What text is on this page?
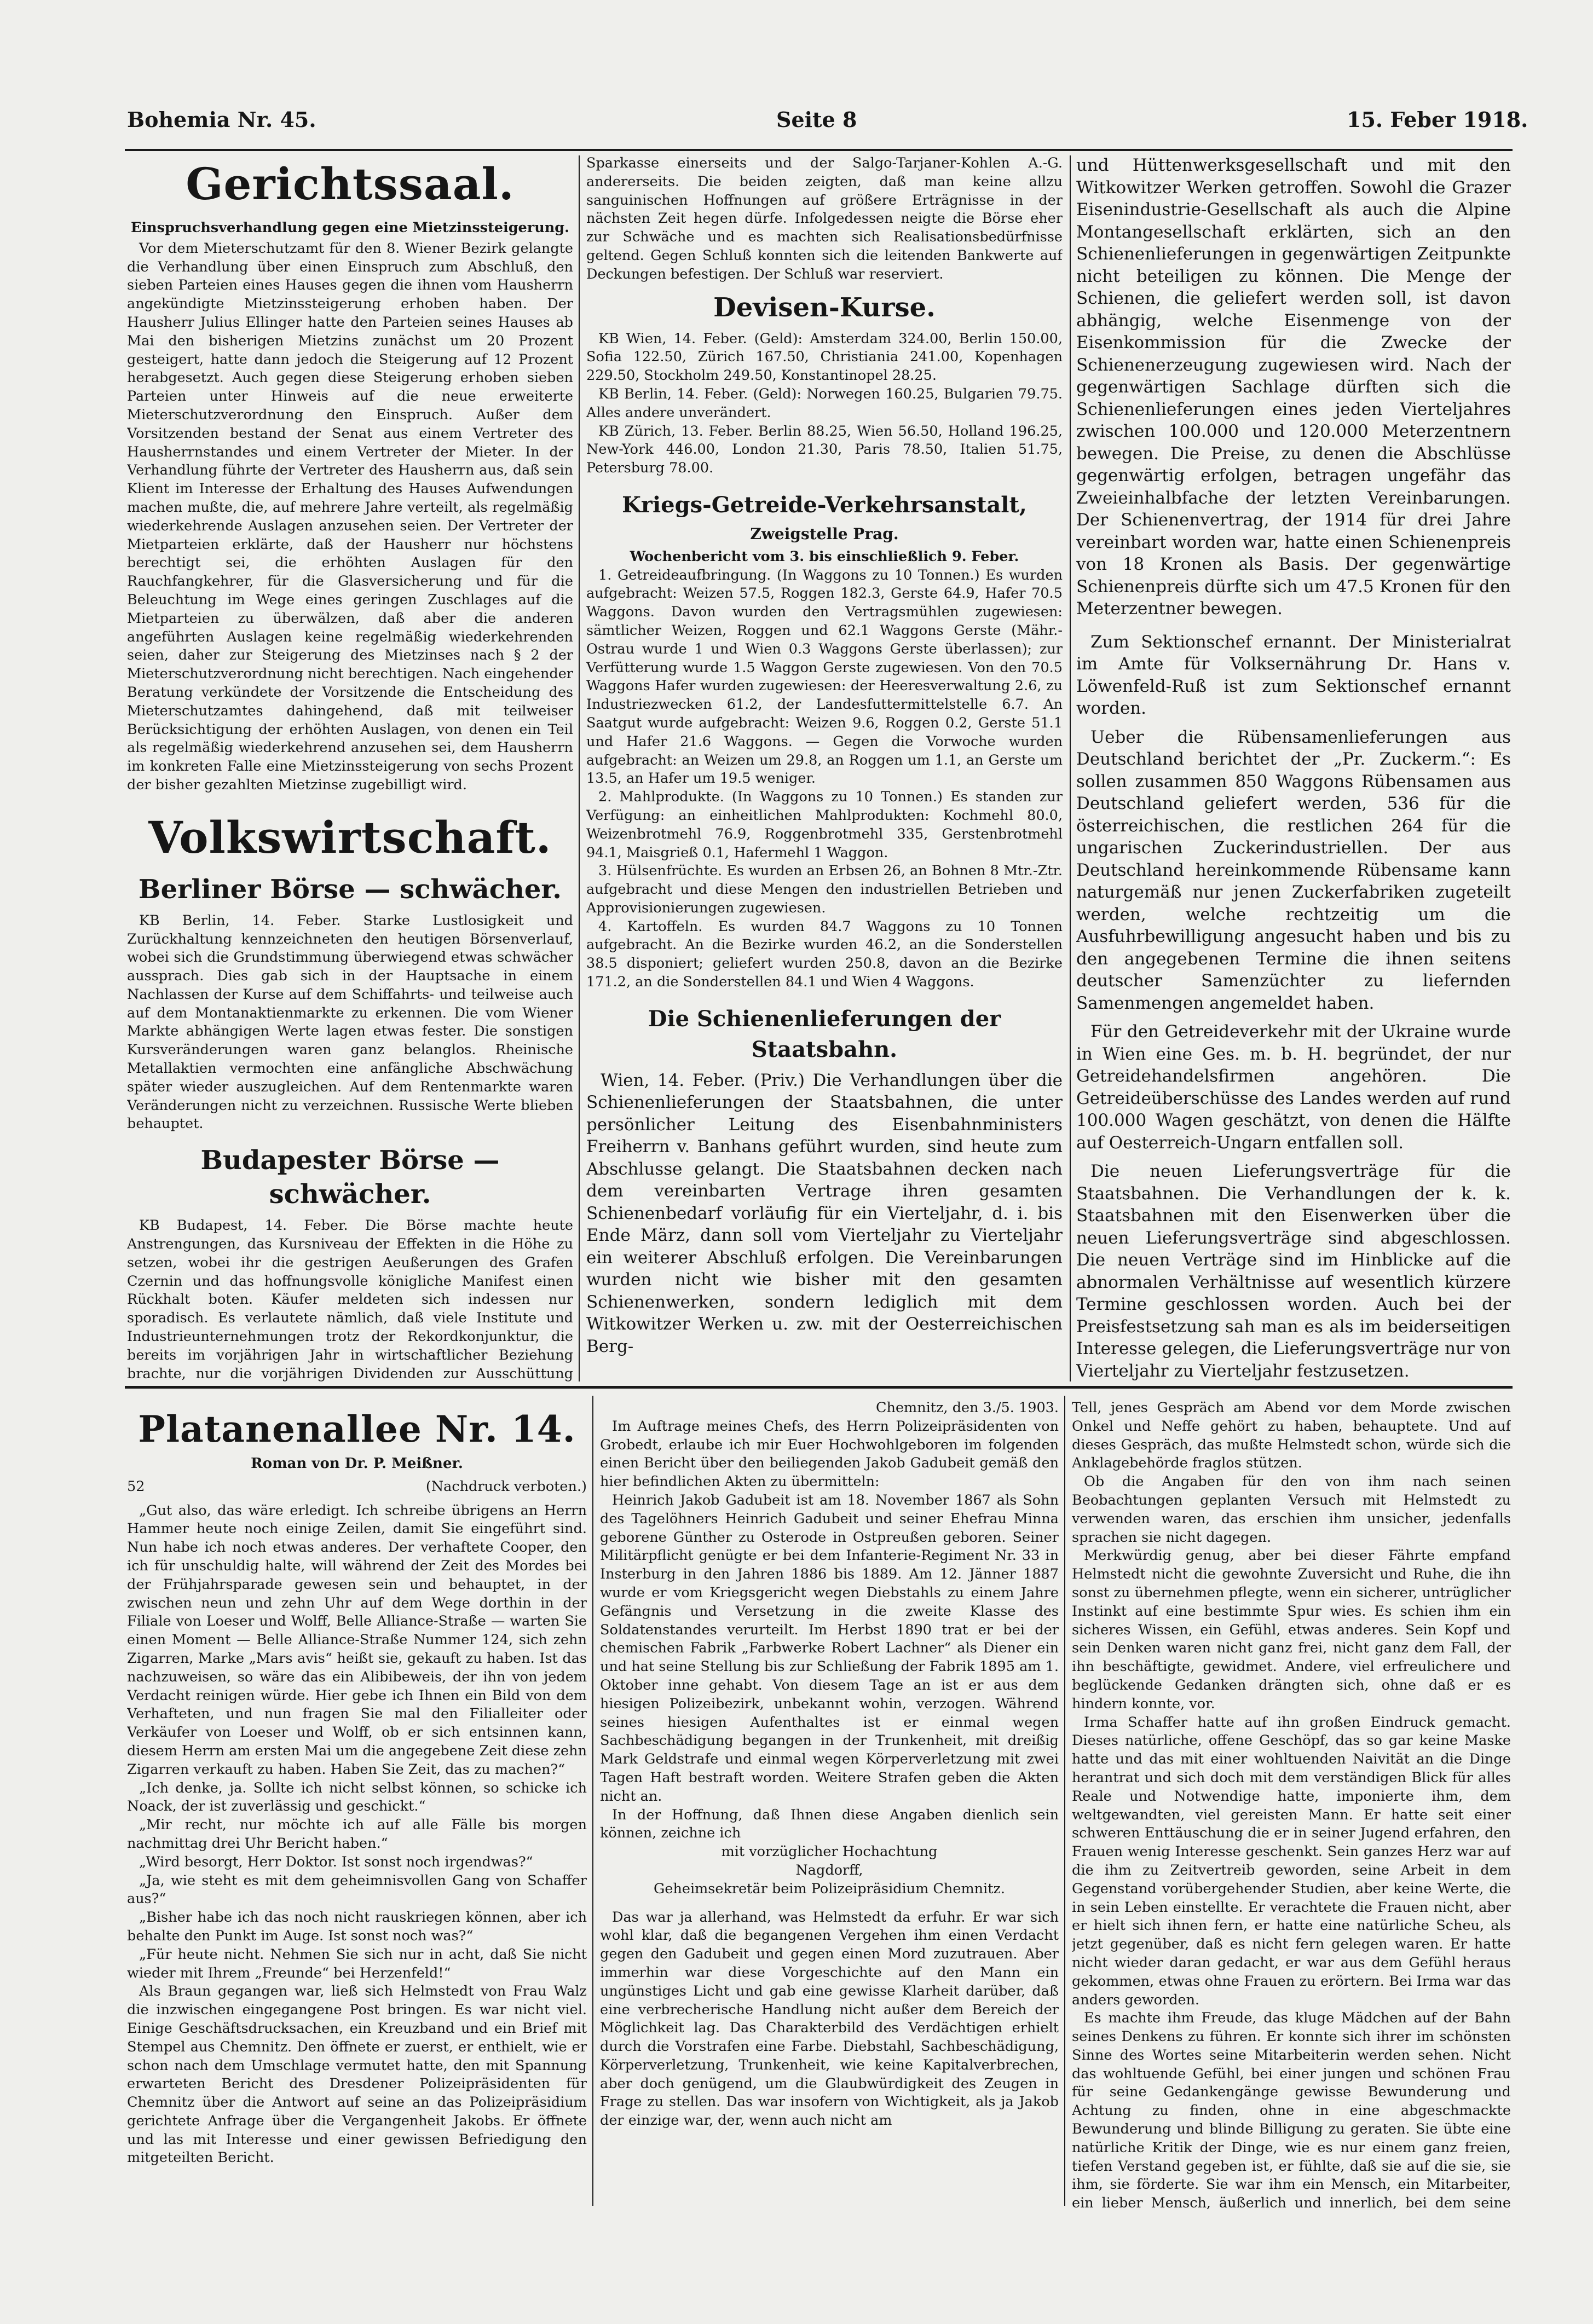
Bohemia Nr. 45.	Seite 8	15. Feber 1918.
Gerichtssaal.

Einspruchsverhandlung gegen eine Mietzinssteigerung.

Vor dem Mieterschutzamt für den 8. Wiener Bezirk gelangte die Verhandlung über einen Einspruch zum Abschluß, den sieben Parteien eines Hauses gegen die ihnen vom Hausherrn angekündigte Mietzinssteigerung erhoben haben. Der Hausherr Julius Ellinger hatte den Parteien seines Hauses ab Mai den bisherigen Mietzins zunächst um 20 Prozent gesteigert, hatte dann jedoch die Steigerung auf 12 Prozent herabgesetzt. Auch gegen diese Steigerung erhoben sieben Parteien unter Hinweis auf die neue erweiterte Mieterschutzverordnung den Einspruch. Außer dem Vorsitzenden bestand der Senat aus einem Vertreter des Hausherrnstandes und einem Vertreter der Mieter. In der Verhandlung führte der Vertreter des Hausherrn aus, daß sein Klient im Interesse der Erhaltung des Hauses Aufwendungen machen mußte, die, auf mehrere Jahre verteilt, als regelmäßig wiederkehrende Auslagen anzusehen seien. Der Vertreter der Mietparteien erklärte, daß der Hausherr nur höchstens berechtigt sei, die erhöhten Auslagen für den Rauchfangkehrer, für die Glasversicherung und für die Beleuchtung im Wege eines geringen Zuschlages auf die Mietparteien zu überwälzen, daß aber die anderen angeführten Auslagen keine regelmäßig wiederkehrenden seien, daher zur Steigerung des Mietzinses nach § 2 der Mieterschutzverordnung nicht berechtigen. Nach eingehender Beratung verkündete der Vorsitzende die Entscheidung des Mieterschutzamtes dahingehend, daß mit teilweiser Berücksichtigung der erhöhten Auslagen, von denen ein Teil als regelmäßig wiederkehrend anzusehen sei, dem Hausherrn im konkreten Falle eine Mietzinssteigerung von sechs Prozent der bisher gezahlten Mietzinse zugebilligt wird.

Volkswirtschaft.
Berliner Börse — schwächer.

KB Berlin, 14. Feber. Starke Lustlosigkeit und Zurückhaltung kennzeichneten den heutigen Börsenverlauf, wobei sich die Grundstimmung überwiegend etwas schwächer aussprach. Dies gab sich in der Hauptsache in einem Nachlassen der Kurse auf dem Schiffahrts- und teilweise auch auf dem Montanaktienmarkte zu erkennen. Die vom Wiener Markte abhängigen Werte lagen etwas fester. Die sonstigen Kursveränderungen waren ganz belanglos. Rheinische Metallaktien vermochten eine anfängliche Abschwächung später wieder auszugleichen. Auf dem Rentenmarkte waren Veränderungen nicht zu verzeichnen. Russische Werte blieben behauptet.

Budapester Börse — schwächer.

KB Budapest, 14. Feber. Die Börse machte heute Anstrengungen, das Kursniveau der Effekten in die Höhe zu setzen, wobei ihr die gestrigen Aeußerungen des Grafen Czernin und das hoffnungsvolle königliche Manifest einen Rückhalt boten. Käufer meldeten sich indessen nur sporadisch. Es verlautete nämlich, daß viele Institute und Industrieunternehmungen trotz der Rekordkonjunktur, die bereits im vorjährigen Jahr in wirtschaftlicher Beziehung brachte, nur die vorjährigen Dividenden zur Ausschüttung

Sparkasse einerseits und der Salgo-Tarjaner-Kohlen A.-G. andererseits. Die beiden zeigten, daß man keine allzu sanguinischen Hoffnungen auf größere Erträgnisse in der nächsten Zeit hegen dürfe. Infolgedessen neigte die Börse eher zur Schwäche und es machten sich Realisationsbedürfnisse geltend. Gegen Schluß konnten sich die leitenden Bankwerte auf Deckungen befestigen. Der Schluß war reserviert.

Devisen-Kurse.

KB Wien, 14. Feber. (Geld): Amsterdam 324.00, Berlin 150.00, Sofia 122.50, Zürich 167.50, Christiania 241.00, Kopenhagen 229.50, Stockholm 249.50, Konstantinopel 28.25.

KB Berlin, 14. Feber. (Geld): Norwegen 160.25, Bulgarien 79.75. Alles andere unverändert.

KB Zürich, 13. Feber. Berlin 88.25, Wien 56.50, Holland 196.25, New-York 446.00, London 21.30, Paris 78.50, Italien 51.75, Petersburg 78.00.

Kriegs-Getreide-Verkehrsanstalt,
Zweigstelle Prag.

Wochenbericht vom 3. bis einschließlich 9. Feber.

1. Getreideaufbringung. (In Waggons zu 10 Tonnen.) Es wurden aufgebracht: Weizen 57.5, Roggen 182.3, Gerste 64.9, Hafer 70.5 Waggons. Davon wurden den Vertragsmühlen zugewiesen: sämtlicher Weizen, Roggen und 62.1 Waggons Gerste (Mähr.-Ostrau wurde 1 und Wien 0.3 Waggons Gerste überlassen); zur Verfütterung wurde 1.5 Waggon Gerste zugewiesen. Von den 70.5 Waggons Hafer wurden zugewiesen: der Heeresverwaltung 2.6, zu Industriezwecken 61.2, der Landesfuttermittelstelle 6.7. An Saatgut wurde aufgebracht: Weizen 9.6, Roggen 0.2, Gerste 51.1 und Hafer 21.6 Waggons. — Gegen die Vorwoche wurden aufgebracht: an Weizen um 29.8, an Roggen um 1.1, an Gerste um 13.5, an Hafer um 19.5 weniger.

2. Mahlprodukte. (In Waggons zu 10 Tonnen.) Es standen zur Verfügung: an einheitlichen Mahlprodukten: Kochmehl 80.0, Weizenbrotmehl 76.9, Roggenbrotmehl 335, Gerstenbrotmehl 94.1, Maisgrieß 0.1, Hafermehl 1 Waggon.

3. Hülsenfrüchte. Es wurden an Erbsen 26, an Bohnen 8 Mtr.-Ztr. aufgebracht und diese Mengen den industriellen Betrieben und Approvisionierungen zugewiesen.

4. Kartoffeln. Es wurden 84.7 Waggons zu 10 Tonnen aufgebracht. An die Bezirke wurden 46.2, an die Sonderstellen 38.5 disponiert; geliefert wurden 250.8, davon an die Bezirke 171.2, an die Sonderstellen 84.1 und Wien 4 Waggons.

Die Schienenlieferungen der Staatsbahn.

Wien, 14. Feber. (Priv.) Die Verhandlungen über die Schienenlieferungen der Staatsbahnen, die unter persönlicher Leitung des Eisenbahnministers Freiherrn v. Banhans geführt wurden, sind heute zum Abschlusse gelangt. Die Staatsbahnen decken nach dem vereinbarten Vertrage ihren gesamten Schienenbedarf vorläufig für ein Vierteljahr, d. i. bis Ende März, dann soll vom Vierteljahr zu Vierteljahr ein weiterer Abschluß erfolgen. Die Vereinbarungen wurden nicht wie bisher mit den gesamten Schienenwerken, sondern lediglich mit dem Witkowitzer Werken u. zw. mit der Oesterreichischen Berg-

und Hüttenwerksgesellschaft und mit den Witkowitzer Werken getroffen. Sowohl die Grazer Eisenindustrie-Gesellschaft als auch die Alpine Montangesellschaft erklärten, sich an den Schienenlieferungen in gegenwärtigen Zeitpunkte nicht beteiligen zu können. Die Menge der Schienen, die geliefert werden soll, ist davon abhängig, welche Eisenmenge von der Eisenkommission für die Zwecke der Schienenerzeugung zugewiesen wird. Nach der gegenwärtigen Sachlage dürften sich die Schienenlieferungen eines jeden Vierteljahres zwischen 100.000 und 120.000 Meterzentnern bewegen. Die Preise, zu denen die Abschlüsse gegenwärtig erfolgen, betragen ungefähr das Zweieinhalbfache der letzten Vereinbarungen. Der Schienenvertrag, der 1914 für drei Jahre vereinbart worden war, hatte einen Schienenpreis von 18 Kronen als Basis. Der gegenwärtige Schienenpreis dürfte sich um 47.5 Kronen für den Meterzentner bewegen.

Zum Sektionschef ernannt. Der Ministerialrat im Amte für Volksernährung Dr. Hans v. Löwenfeld-Ruß ist zum Sektionschef ernannt worden.

Ueber die Rübensamenlieferungen aus Deutschland berichtet der „Pr. Zuckerm.“: Es sollen zusammen 850 Waggons Rübensamen aus Deutschland geliefert werden, 536 für die österreichischen, die restlichen 264 für die ungarischen Zuckerindustriellen. Der aus Deutschland hereinkommende Rübensame kann naturgemäß nur jenen Zuckerfabriken zugeteilt werden, welche rechtzeitig um die Ausfuhrbewilligung angesucht haben und bis zu den angegebenen Termine die ihnen seitens deutscher Samenzüchter zu liefernden Samenmengen angemeldet haben.

Für den Getreideverkehr mit der Ukraine wurde in Wien eine Ges. m. b. H. begründet, der nur Getreidehandelsfirmen angehören. Die Getreideüberschüsse des Landes werden auf rund 100.000 Wagen geschätzt, von denen die Hälfte auf Oesterreich-Ungarn entfallen soll.

Die neuen Lieferungsverträge für die Staatsbahnen. Die Verhandlungen der k. k. Staatsbahnen mit den Eisenwerken über die neuen Lieferungsverträge sind abgeschlossen. Die neuen Verträge sind im Hinblicke auf die abnormalen Verhältnisse auf wesentlich kürzere Termine geschlossen worden. Auch bei der Preisfestsetzung sah man es als im beiderseitigen Interesse gelegen, die Lieferungsverträge nur von Vierteljahr zu Vierteljahr festzusetzen.

Platanenallee Nr. 14.
Roman von Dr. P. Meißner.
52	(Nachdruck verboten.)

„Gut also, das wäre erledigt. Ich schreibe übrigens an Herrn Hammer heute noch einige Zeilen, damit Sie eingeführt sind. Nun habe ich noch etwas anderes. Der verhaftete Cooper, den ich für unschuldig halte, will während der Zeit des Mordes bei der Frühjahrsparade gewesen sein und behauptet, in der zwischen neun und zehn Uhr auf dem Wege dorthin in der Filiale von Loeser und Wolff, Belle Alliance-Straße — warten Sie einen Moment — Belle Alliance-Straße Nummer 124, sich zehn Zigarren, Marke „Mars avis“ heißt sie, gekauft zu haben. Ist das nachzuweisen, so wäre das ein Alibibeweis, der ihn von jedem Verdacht reinigen würde. Hier gebe ich Ihnen ein Bild von dem Verhafteten, und nun fragen Sie mal den Filialleiter oder Verkäufer von Loeser und Wolff, ob er sich entsinnen kann, diesem Herrn am ersten Mai um die angegebene Zeit diese zehn Zigarren verkauft zu haben. Haben Sie Zeit, das zu machen?“

„Ich denke, ja. Sollte ich nicht selbst können, so schicke ich Noack, der ist zuverlässig und geschickt.“

„Mir recht, nur möchte ich auf alle Fälle bis morgen nachmittag drei Uhr Bericht haben.“

„Wird besorgt, Herr Doktor. Ist sonst noch irgendwas?“

„Ja, wie steht es mit dem geheimnisvollen Gang von Schaffer aus?“

„Bisher habe ich das noch nicht rauskriegen können, aber ich behalte den Punkt im Auge. Ist sonst noch was?“

„Für heute nicht. Nehmen Sie sich nur in acht, daß Sie nicht wieder mit Ihrem „Freunde“ bei Herzenfeld!“

Als Braun gegangen war, ließ sich Helmstedt von Frau Walz die inzwischen eingegangene Post bringen. Es war nicht viel. Einige Geschäftsdrucksachen, ein Kreuzband und ein Brief mit Stempel aus Chemnitz. Den öffnete er zuerst, er enthielt, wie er schon nach dem Umschlage vermutet hatte, den mit Spannung erwarteten Bericht des Dresdener Polizeipräsidenten für Chemnitz über die Antwort auf seine an das Polizeipräsidium gerichtete Anfrage über die Vergangenheit Jakobs. Er öffnete und las mit Interesse und einer gewissen Befriedigung den mitgeteilten Bericht.

Chemnitz, den 3./5. 1903.

Im Auftrage meines Chefs, des Herrn Polizeipräsidenten von Grobedt, erlaube ich mir Euer Hochwohlgeboren im folgenden einen Bericht über den beiliegenden Jakob Gadubeit gemäß den hier befindlichen Akten zu übermitteln:

Heinrich Jakob Gadubeit ist am 18. November 1867 als Sohn des Tagelöhners Heinrich Gadubeit und seiner Ehefrau Minna geborene Günther zu Osterode in Ostpreußen geboren. Seiner Militärpflicht genügte er bei dem Infanterie-Regiment Nr. 33 in Insterburg in den Jahren 1886 bis 1889. Am 12. Jänner 1887 wurde er vom Kriegsgericht wegen Diebstahls zu einem Jahre Gefängnis und Versetzung in die zweite Klasse des Soldatenstandes verurteilt. Im Herbst 1890 trat er bei der chemischen Fabrik „Farbwerke Robert Lachner“ als Diener ein und hat seine Stellung bis zur Schließung der Fabrik 1895 am 1. Oktober inne gehabt. Von diesem Tage an ist er aus dem hiesigen Polizeibezirk, unbekannt wohin, verzogen. Während seines hiesigen Aufenthaltes ist er einmal wegen Sachbeschädigung begangen in der Trunkenheit, mit dreißig Mark Geldstrafe und einmal wegen Körperverletzung mit zwei Tagen Haft bestraft worden. Weitere Strafen geben die Akten nicht an.

In der Hoffnung, daß Ihnen diese Angaben dienlich sein können, zeichne ich

mit vorzüglicher Hochachtung

Nagdorff,

Geheimsekretär beim Polizeipräsidium Chemnitz.

Das war ja allerhand, was Helmstedt da erfuhr. Er war sich wohl klar, daß die begangenen Vergehen ihm einen Verdacht gegen den Gadubeit und gegen einen Mord zuzutrauen. Aber immerhin war diese Vorgeschichte auf den Mann ein ungünstiges Licht und gab eine gewisse Klarheit darüber, daß eine verbrecherische Handlung nicht außer dem Bereich der Möglichkeit lag. Das Charakterbild des Verdächtigen erhielt durch die Vorstrafen eine Farbe. Diebstahl, Sachbeschädigung, Körperverletzung, Trunkenheit, wie keine Kapitalverbrechen, aber doch genügend, um die Glaubwürdigkeit des Zeugen in Frage zu stellen. Das war insofern von Wichtigkeit, als ja Jakob der einzige war, der, wenn auch nicht am

Tell, jenes Gespräch am Abend vor dem Morde zwischen Onkel und Neffe gehört zu haben, behauptete. Und auf dieses Gespräch, das mußte Helmstedt schon, würde sich die Anklagebehörde fraglos stützen.

Ob die Angaben für den von ihm nach seinen Beobachtungen geplanten Versuch mit Helmstedt zu verwenden waren, das erschien ihm unsicher, jedenfalls sprachen sie nicht dagegen.

Merkwürdig genug, aber bei dieser Fährte empfand Helmstedt nicht die gewohnte Zuversicht und Ruhe, die ihn sonst zu übernehmen pflegte, wenn ein sicherer, untrüglicher Instinkt auf eine bestimmte Spur wies. Es schien ihm ein sicheres Wissen, ein Gefühl, etwas anderes. Sein Kopf und sein Denken waren nicht ganz frei, nicht ganz dem Fall, der ihn beschäftigte, gewidmet. Andere, viel erfreulichere und beglückende Gedanken drängten sich, ohne daß er es hindern konnte, vor.

Irma Schaffer hatte auf ihn großen Eindruck gemacht. Dieses natürliche, offene Geschöpf, das so gar keine Maske hatte und das mit einer wohltuenden Naivität an die Dinge herantrat und sich doch mit dem verständigen Blick für alles Reale und Notwendige hatte, imponierte ihm, dem weltgewandten, viel gereisten Mann. Er hatte seit einer schweren Enttäuschung die er in seiner Jugend erfahren, den Frauen wenig Interesse geschenkt. Sein ganzes Herz war auf die ihm zu Zeitvertreib geworden, seine Arbeit in dem Gegenstand vorübergehender Studien, aber keine Werte, die in sein Leben einstellte. Er verachtete die Frauen nicht, aber er hielt sich ihnen fern, er hatte eine natürliche Scheu, als jetzt gegenüber, daß es nicht fern gelegen waren. Er hatte nicht wieder daran gedacht, er war aus dem Gefühl heraus gekommen, etwas ohne Frauen zu erörtern. Bei Irma war das anders geworden.

Es machte ihm Freude, das kluge Mädchen auf der Bahn seines Denkens zu führen. Er konnte sich ihrer im schönsten Sinne des Wortes seine Mitarbeiterin werden sehen. Nicht das wohltuende Gefühl, bei einer jungen und schönen Frau für seine Gedankengänge gewisse Bewunderung und Achtung zu finden, ohne in eine abgeschmackte Bewunderung und blinde Billigung zu geraten. Sie übte eine natürliche Kritik der Dinge, wie es nur einem ganz freien, tiefen Verstand gegeben ist, er fühlte, daß sie auf die sie, sie ihm, sie förderte. Sie war ihm ein Mensch, ein Mitarbeiter, ein lieber Mensch, äußerlich und innerlich, bei dem seine
